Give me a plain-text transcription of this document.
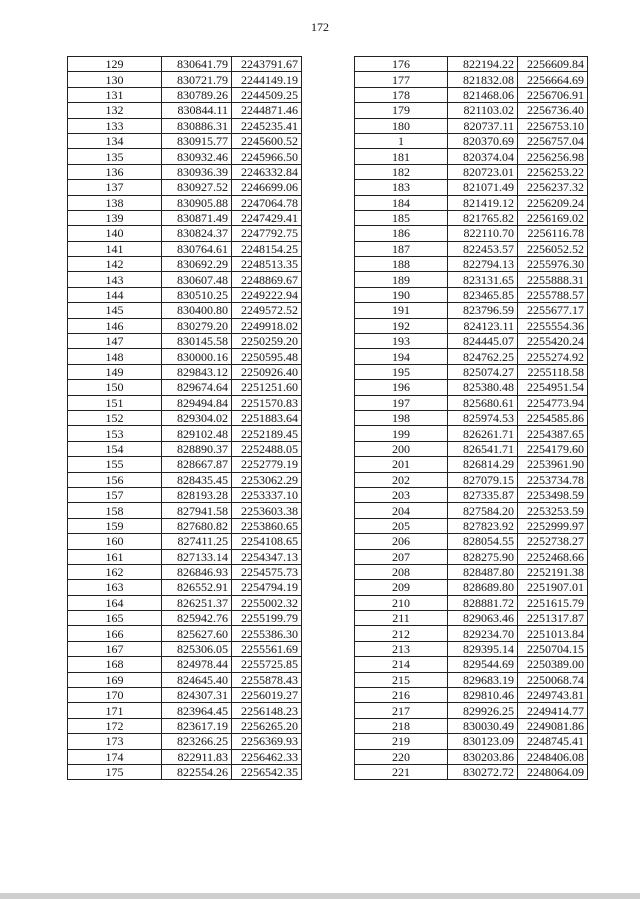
172
129	830641.79	2243791.67
130	830721.79	2244149.19
131	830789.26	2244509.25
132	830844.11	2244871.46
133	830886.31	2245235.41
134	830915.77	2245600.52
135	830932.46	2245966.50
136	830936.39	2246332.84
137	830927.52	2246699.06
138	830905.88	2247064.78
139	830871.49	2247429.41
140	830824.37	2247792.75
141	830764.61	2248154.25
142	830692.29	2248513.35
143	830607.48	2248869.67
144	830510.25	2249222.94
145	830400.80	2249572.52
146	830279.20	2249918.02
147	830145.58	2250259.20
148	830000.16	2250595.48
149	829843.12	2250926.40
150	829674.64	2251251.60
151	829494.84	2251570.83
152	829304.02	2251883.64
153	829102.48	2252189.45
154	828890.37	2252488.05
155	828667.87	2252779.19
156	828435.45	2253062.29
157	828193.28	2253337.10
158	827941.58	2253603.38
159	827680.82	2253860.65
160	827411.25	2254108.65
161	827133.14	2254347.13
162	826846.93	2254575.73
163	826552.91	2254794.19
164	826251.37	2255002.32
165	825942.76	2255199.79
166	825627.60	2255386.30
167	825306.05	2255561.69
168	824978.44	2255725.85
169	824645.40	2255878.43
170	824307.31	2256019.27
171	823964.45	2256148.23
172	823617.19	2256265.20
173	823266.25	2256369.93
174	822911.83	2256462.33
175	822554.26	2256542.35
176	822194.22	2256609.84
177	821832.08	2256664.69
178	821468.06	2256706.91
179	821103.02	2256736.40
180	820737.11	2256753.10
1	820370.69	2256757.04
181	820374.04	2256256.98
182	820723.01	2256253.22
183	821071.49	2256237.32
184	821419.12	2256209.24
185	821765.82	2256169.02
186	822110.70	2256116.78
187	822453.57	2256052.52
188	822794.13	2255976.30
189	823131.65	2255888.31
190	823465.85	2255788.57
191	823796.59	2255677.17
192	824123.11	2255554.36
193	824445.07	2255420.24
194	824762.25	2255274.92
195	825074.27	2255118.58
196	825380.48	2254951.54
197	825680.61	2254773.94
198	825974.53	2254585.86
199	826261.71	2254387.65
200	826541.71	2254179.60
201	826814.29	2253961.90
202	827079.15	2253734.78
203	827335.87	2253498.59
204	827584.20	2253253.59
205	827823.92	2252999.97
206	828054.55	2252738.27
207	828275.90	2252468.66
208	828487.80	2252191.38
209	828689.80	2251907.01
210	828881.72	2251615.79
211	829063.46	2251317.87
212	829234.70	2251013.84
213	829395.14	2250704.15
214	829544.69	2250389.00
215	829683.19	2250068.74
216	829810.46	2249743.81
217	829926.25	2249414.77
218	830030.49	2249081.86
219	830123.09	2248745.41
220	830203.86	2248406.08
221	830272.72	2248064.09
